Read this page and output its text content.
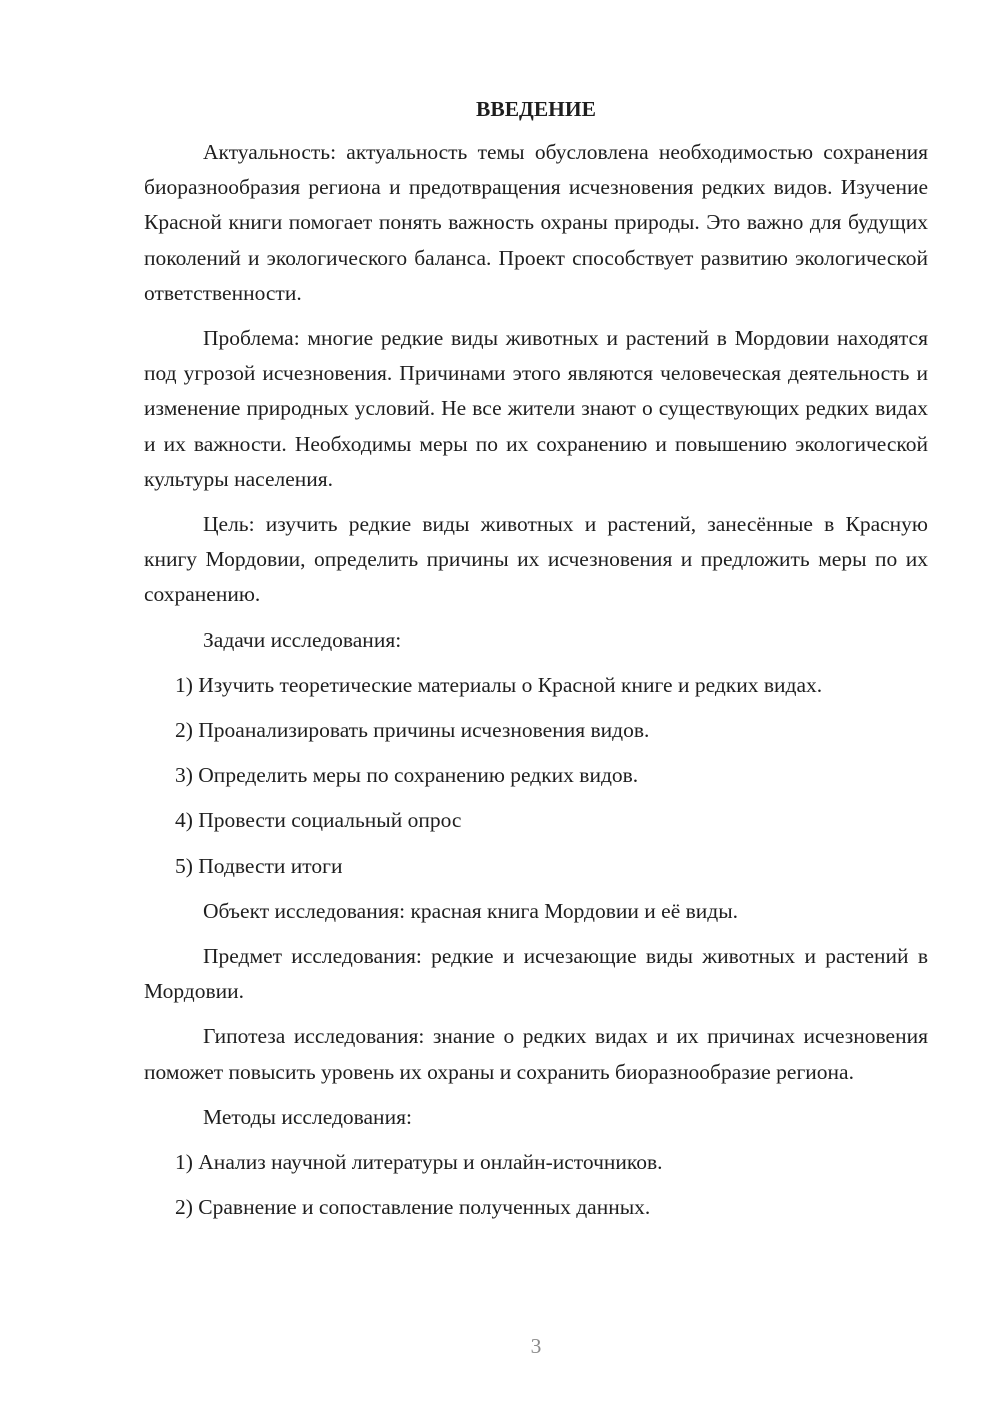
ВВЕДЕНИЕ

Актуальность: актуальность темы обусловлена необходимостью сохранения биоразнообразия региона и предотвращения исчезновения редких видов. Изучение Красной книги помогает понять важность охраны природы. Это важно для будущих поколений и экологического баланса. Проект способствует развитию экологической ответственности.

Проблема: многие редкие виды животных и растений в Мордовии находятся под угрозой исчезновения. Причинами этого являются человеческая деятельность и изменение природных условий. Не все жители знают о существующих редких видах и их важности. Необходимы меры по их сохранению и повышению экологической культуры населения.

Цель: изучить редкие виды животных и растений, занесённые в Красную книгу Мордовии, определить причины их исчезновения и предложить меры по их сохранению.

Задачи исследования:

1) Изучить теоретические материалы о Красной книге и редких видах.
2) Проанализировать причины исчезновения видов.
3) Определить меры по сохранению редких видов.
4) Провести социальный опрос
5) Подвести итоги

Объект исследования: красная книга Мордовии и её виды.

Предмет исследования: редкие и исчезающие виды животных и растений в Мордовии.

Гипотеза исследования: знание о редких видах и их причинах исчезновения поможет повысить уровень их охраны и сохранить биоразнообразие региона.

Методы исследования:

1) Анализ научной литературы и онлайн-источников.
2) Сравнение и сопоставление полученных данных.
3
